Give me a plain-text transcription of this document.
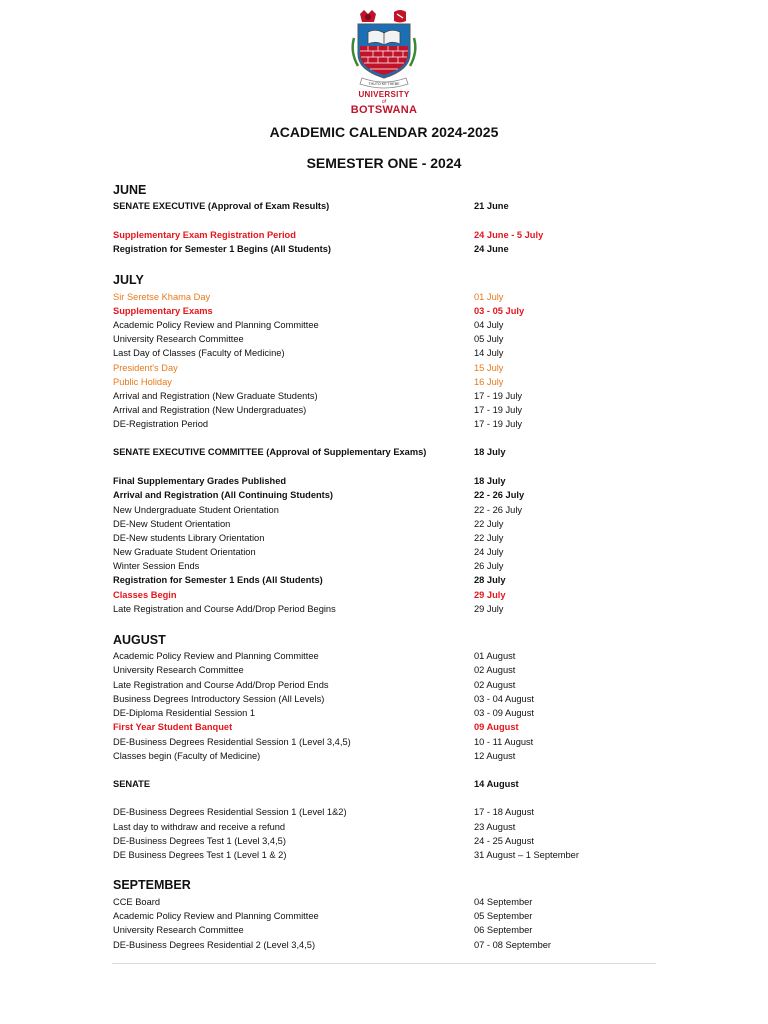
THUTO KE THEBE
UNIVERSITY
of
BOTSWANA
ACADEMIC CALENDAR 2024-2025
SEMESTER ONE - 2024
JUNE
JULY
AUGUST
SEPTEMBER
SENATE EXECUTIVE (Approval of Exam Results)	21 June
Supplementary Exam Registration Period	24 June - 5 July
Registration for Semester 1 Begins (All Students)	24 June
Sir Seretse Khama Day	01 July
Supplementary Exams	03 - 05 July
Academic Policy Review and Planning Committee	04 July
University Research Committee	05 July
Last Day of Classes (Faculty of Medicine)	14 July
President's Day	15 July
Public Holiday	16 July
Arrival and Registration (New Graduate Students)	17 - 19 July
Arrival and Registration (New Undergraduates)	17 - 19 July
DE-Registration Period	17 - 19 July
SENATE EXECUTIVE COMMITTEE (Approval of Supplementary Exams)	18 July
Final Supplementary Grades Published	18 July
Arrival and Registration (All Continuing Students)	22 - 26 July
New Undergraduate Student Orientation	22 - 26 July
DE-New Student Orientation	22 July
DE-New students Library Orientation	22 July
New Graduate Student Orientation	24 July
Winter Session Ends	26 July
Registration for Semester 1 Ends (All Students)	28 July
Classes Begin	29 July
Late Registration and Course Add/Drop Period Begins	29 July
Academic Policy Review and Planning Committee	01 August
University Research Committee	02 August
Late Registration and Course Add/Drop Period Ends	02 August
Business Degrees Introductory Session (All Levels)	03 - 04 August
DE-Diploma Residential Session 1	03 - 09 August
First Year Student Banquet	09 August
DE-Business Degrees Residential Session 1 (Level 3,4,5)	10 - 11 August
Classes begin (Faculty of Medicine)	12 August
SENATE	14 August
DE-Business Degrees Residential Session 1 (Level 1&2)	17 - 18 August
Last day to withdraw and receive a refund	23 August
DE-Business Degrees Test 1 (Level 3,4,5)	24 - 25 August
DE Business Degrees Test 1 (Level 1 & 2)	31 August – 1 September
CCE Board	04 September
Academic Policy Review and Planning Committee	05 September
University Research Committee	06 September
DE-Business Degrees Residential 2 (Level 3,4,5)	07 - 08 September
